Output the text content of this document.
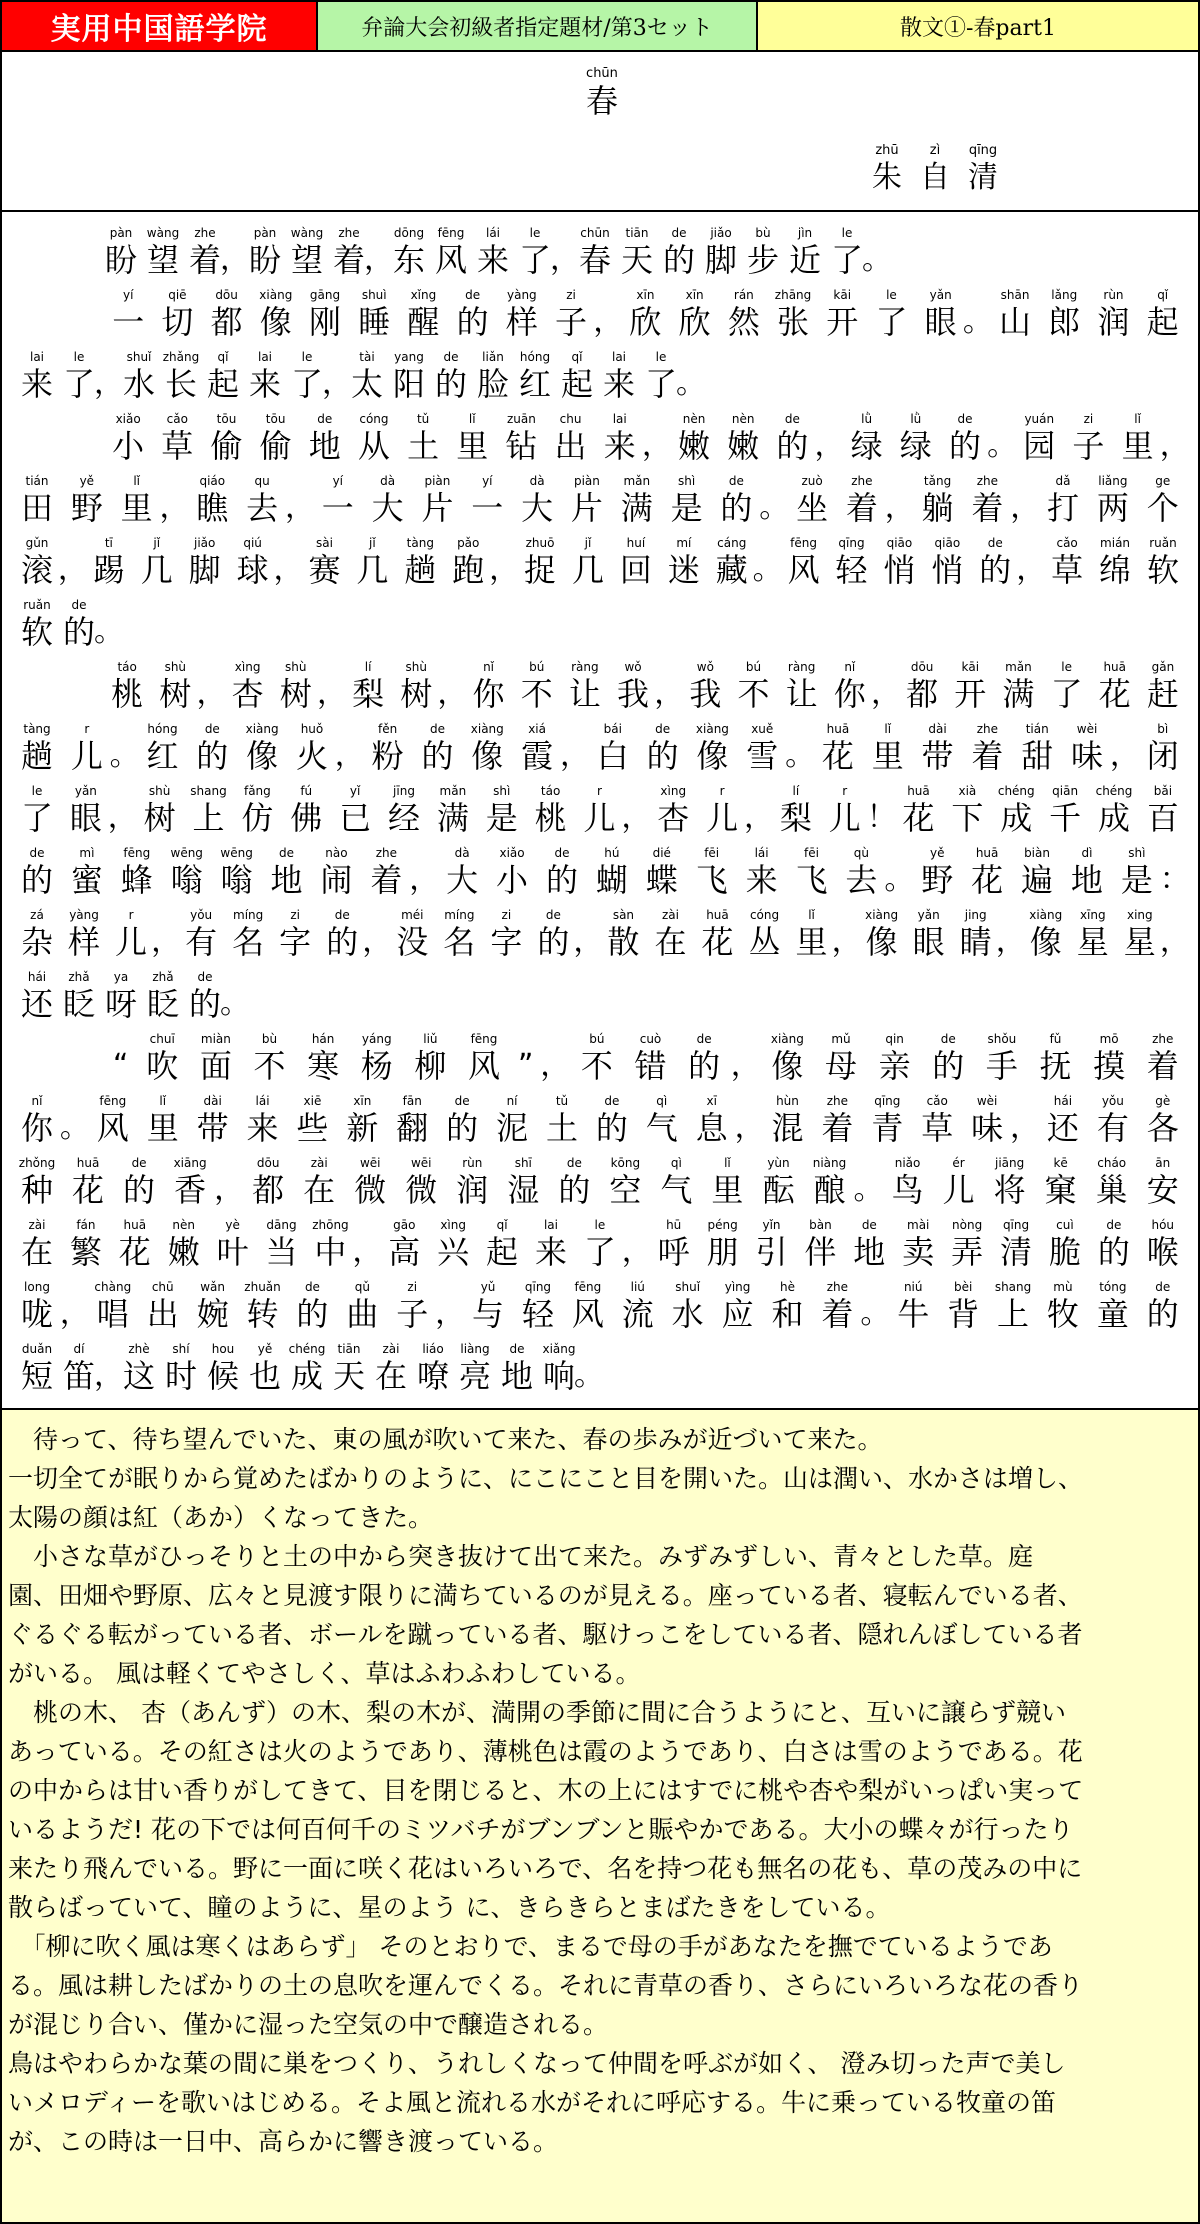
実用中国語学院	弁論大会初級者指定題材/第3セット	散文①-春part1
chūn
春
zhū
朱
zì
自
qīng
清
pàn
盼
wàng
望
zhe
着 ，
pàn
盼
wàng
望
zhe
着 ，
dōng
东
fēng
风
lái
来
le
了 ，
chūn
春
tiān
天
de
的
jiǎo
脚
bù
步
jìn
近
le
了 。
yí
一
qiē
切
dōu
都
xiàng
像
gāng
刚
shuì
睡
xǐng
醒
de
的
yàng
样
zi
子 ，
xīn
欣
xīn
欣
rán
然
zhāng
张
kāi
开
le
了
yǎn
眼 。
shān
山
lǎng
郎
rùn
润
qǐ
起
lai
来
le
了 ，
shuǐ
水
zhǎng
长
qǐ
起
lai
来
le
了 ，
tài
太
yang
阳
de
的
liǎn
脸
hóng
红
qǐ
起
lai
来
le
了 。
xiǎo
小
cǎo
草
tōu
偷
tōu
偷
de
地
cóng
从
tǔ
土
lǐ
里
zuān
钻
chu
出
lai
来 ，
nèn
嫩
nèn
嫩
de
的 ，
lǜ
绿
lǜ
绿
de
的 。
yuán
园
zi
子
lǐ
里 ，
tián
田
yě
野
lǐ
里 ，
qiáo
瞧
qu
去 ，
yí
一
dà
大
piàn
片
yí
一
dà
大
piàn
片
mǎn
满
shì
是
de
的 。
zuò
坐
zhe
着 ，
tǎng
躺
zhe
着 ，
dǎ
打
liǎng
两
ge
个
gǔn
滚 ，
tī
踢
jǐ
几
jiǎo
脚
qiú
球 ，
sài
赛
jǐ
几
tàng
趟
pǎo
跑 ，
zhuō
捉
jǐ
几
huí
回
mí
迷
cáng
藏 。
fēng
风
qīng
轻
qiāo
悄
qiāo
悄
de
的 ，
cǎo
草
mián
绵
ruǎn
软
ruǎn
软
de
的 。
táo
桃
shù
树 ，
xìng
杏
shù
树 ，
lí
梨
shù
树 ，
nǐ
你
bú
不
ràng
让
wǒ
我 ，
wǒ
我
bú
不
ràng
让
nǐ
你 ，
dōu
都
kāi
开
mǎn
满
le
了
huā
花
gǎn
赶
tàng
趟
r
儿 。
hóng
红
de
的
xiàng
像
huǒ
火 ，
fěn
粉
de
的
xiàng
像
xiá
霞 ，
bái
白
de
的
xiàng
像
xuě
雪 。
huā
花
lǐ
里
dài
带
zhe
着
tián
甜
wèi
味 ，
bì
闭
le
了
yǎn
眼 ，
shù
树
shang
上
fǎng
仿
fú
佛
yǐ
已
jīng
经
mǎn
满
shì
是
táo
桃
r
儿 ，
xìng
杏
r
儿 ，
lí
梨
r
儿 ！
huā
花
xià
下
chéng
成
qiān
千
chéng
成
bǎi
百
de
的
mì
蜜
fēng
蜂
wēng
嗡
wēng
嗡
de
地
nào
闹
zhe
着 ，
dà
大
xiǎo
小
de
的
hú
蝴
dié
蝶
fēi
飞
lái
来
fēi
飞
qù
去 。
yě
野
huā
花
biàn
遍
dì
地
shì
是 ：
zá
杂
yàng
样
r
儿 ，
yǒu
有
míng
名
zi
字
de
的 ，
méi
没
míng
名
zi
字
de
的 ，
sàn
散
zài
在
huā
花
cóng
丛
lǐ
里 ，
xiàng
像
yǎn
眼
jing
睛 ，
xiàng
像
xīng
星
xing
星 ，
hái
还
zhǎ
眨
ya
呀
zhǎ
眨
de
的 。
“
chuī
吹
miàn
面
bù
不
hán
寒
yáng
杨
liǔ
柳
fēng
风 ” ，
bú
不
cuò
错
de
的 ，
xiàng
像
mǔ
母
qin
亲
de
的
shǒu
手
fǔ
抚
mō
摸
zhe
着
nǐ
你 。
fēng
风
lǐ
里
dài
带
lái
来
xiē
些
xīn
新
fān
翻
de
的
ní
泥
tǔ
土
de
的
qì
气
xī
息 ，
hùn
混
zhe
着
qīng
青
cǎo
草
wèi
味 ，
hái
还
yǒu
有
gè
各
zhǒng
种
huā
花
de
的
xiāng
香 ，
dōu
都
zài
在
wēi
微
wēi
微
rùn
润
shī
湿
de
的
kōng
空
qì
气
lǐ
里
yùn
酝
niàng
酿 。
niǎo
鸟
ér
儿
jiāng
将
kē
窠
cháo
巢
ān
安
zài
在
fán
繁
huā
花
nèn
嫩
yè
叶
dāng
当
zhōng
中 ，
gāo
高
xìng
兴
qǐ
起
lai
来
le
了 ，
hū
呼
péng
朋
yǐn
引
bàn
伴
de
地
mài
卖
nòng
弄
qīng
清
cuì
脆
de
的
hóu
喉
long
咙 ，
chàng
唱
chū
出
wǎn
婉
zhuǎn
转
de
的
qǔ
曲
zi
子 ，
yǔ
与
qīng
轻
fēng
风
liú
流
shuǐ
水
yìng
应
hè
和
zhe
着 。
niú
牛
bèi
背
shang
上
mù
牧
tóng
童
de
的
duǎn
短
dí
笛 ，
zhè
这
shí
时
hou
候
yě
也
chéng
成
tiān
天
zài
在
liáo
嘹
liàng
亮
de
地
xiǎng
响 。
　待って、待ち望んでいた、東の風が吹いて来た、春の歩みが近づいて来た。
一切全てが眠りから覚めたばかりのように、にこにこと目を開いた。山は潤い、水かさは増し、
太陽の顔は紅（あか）くなってきた。
　小さな草がひっそりと土の中から突き抜けて出て来た。みずみずしい、青々とした草。庭
園、田畑や野原、広々と見渡す限りに満ちているのが見える。座っている者、寝転んでいる者、
ぐるぐる転がっている者、ボールを蹴っている者、駆けっこをしている者、隠れんぼしている者
がいる。 風は軽くてやさしく、草はふわふわしている。
　桃の木、 杏（あんず）の木、梨の木が、満開の季節に間に合うようにと、互いに譲らず競い
あっている。その紅さは火のようであり、薄桃色は霞のようであり、白さは雪のようである。花
の中からは甘い香りがしてきて、目を閉じると、木の上にはすでに桃や杏や梨がいっぱい実って
いるようだ! 花の下では何百何千のミツバチがブンブンと賑やかである。大小の蝶々が行ったり
来たり飛んでいる。野に一面に咲く花はいろいろで、名を持つ花も無名の花も、草の茂みの中に
散らばっていて、瞳のように、星のよう に、きらきらとまばたきをしている。
　「柳に吹く風は寒くはあらず」 そのとおりで、まるで母の手があなたを撫でているようであ
る。風は耕したばかりの土の息吹を運んでくる。それに青草の香り、さらにいろいろな花の香り
が混じり合い、僅かに湿った空気の中で醸造される。
鳥はやわらかな葉の間に巣をつくり、うれしくなって仲間を呼ぶが如く、 澄み切った声で美し
いメロディーを歌いはじめる。そよ風と流れる水がそれに呼応する。牛に乗っている牧童の笛
が、この時は一日中、高らかに響き渡っている。
